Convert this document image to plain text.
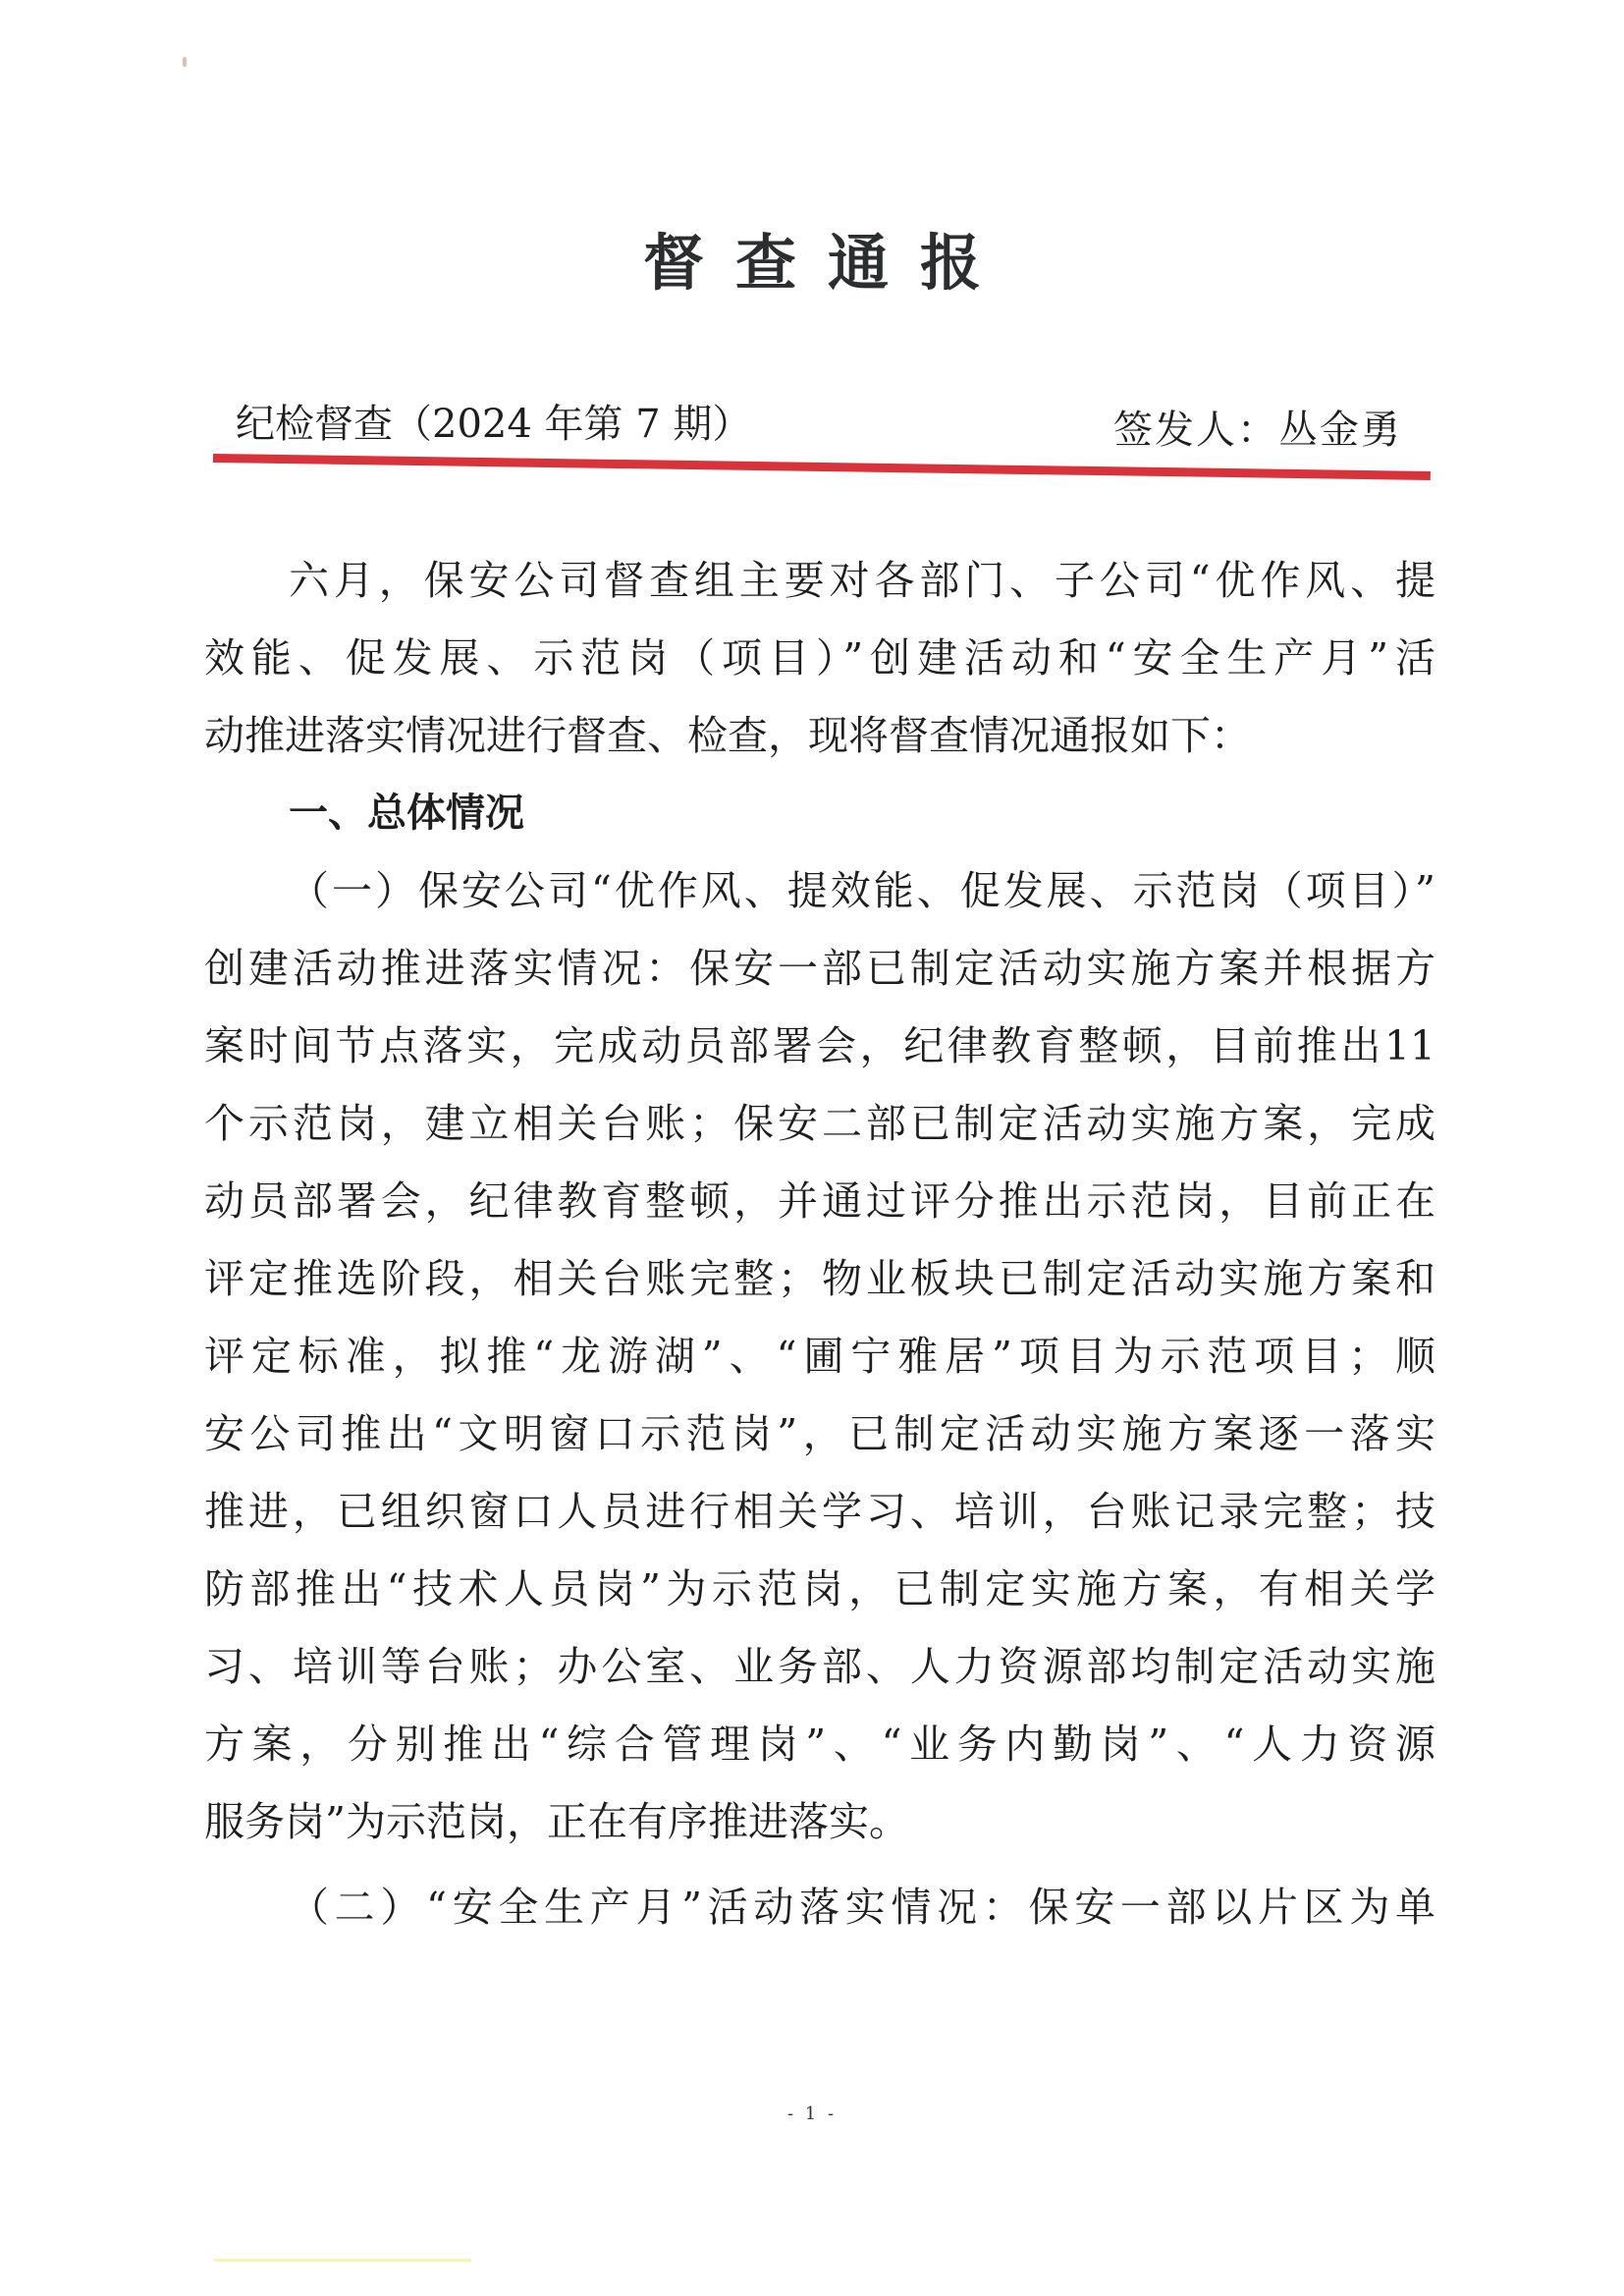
督查通报
纪检督查（2024 年第 7 期）	签发人：丛金勇
六月，保安公司督查组主要对各部门、子公司“优作风、提
效能、促发展、示范岗（项目）”创建活动和“安全生产月”活
动推进落实情况进行督查、检查，现将督查情况通报如下：
一、总体情况
（一）保安公司“优作风、提效能、促发展、示范岗（项目）”
创建活动推进落实情况：保安一部已制定活动实施方案并根据方
案时间节点落实，完成动员部署会，纪律教育整顿，目前推出11
个示范岗，建立相关台账；保安二部已制定活动实施方案，完成
动员部署会，纪律教育整顿，并通过评分推出示范岗，目前正在
评定推选阶段，相关台账完整；物业板块已制定活动实施方案和
评定标准，拟推“龙游湖”、“圃宁雅居”项目为示范项目；顺
安公司推出“文明窗口示范岗”，已制定活动实施方案逐一落实
推进，已组织窗口人员进行相关学习、培训，台账记录完整；技
防部推出“技术人员岗”为示范岗，已制定实施方案，有相关学
习、培训等台账；办公室、业务部、人力资源部均制定活动实施
方案，分别推出“综合管理岗”、“业务内勤岗”、“人力资源
服务岗”为示范岗，正在有序推进落实。
（二）“安全生产月”活动落实情况：保安一部以片区为单
- 1 -
